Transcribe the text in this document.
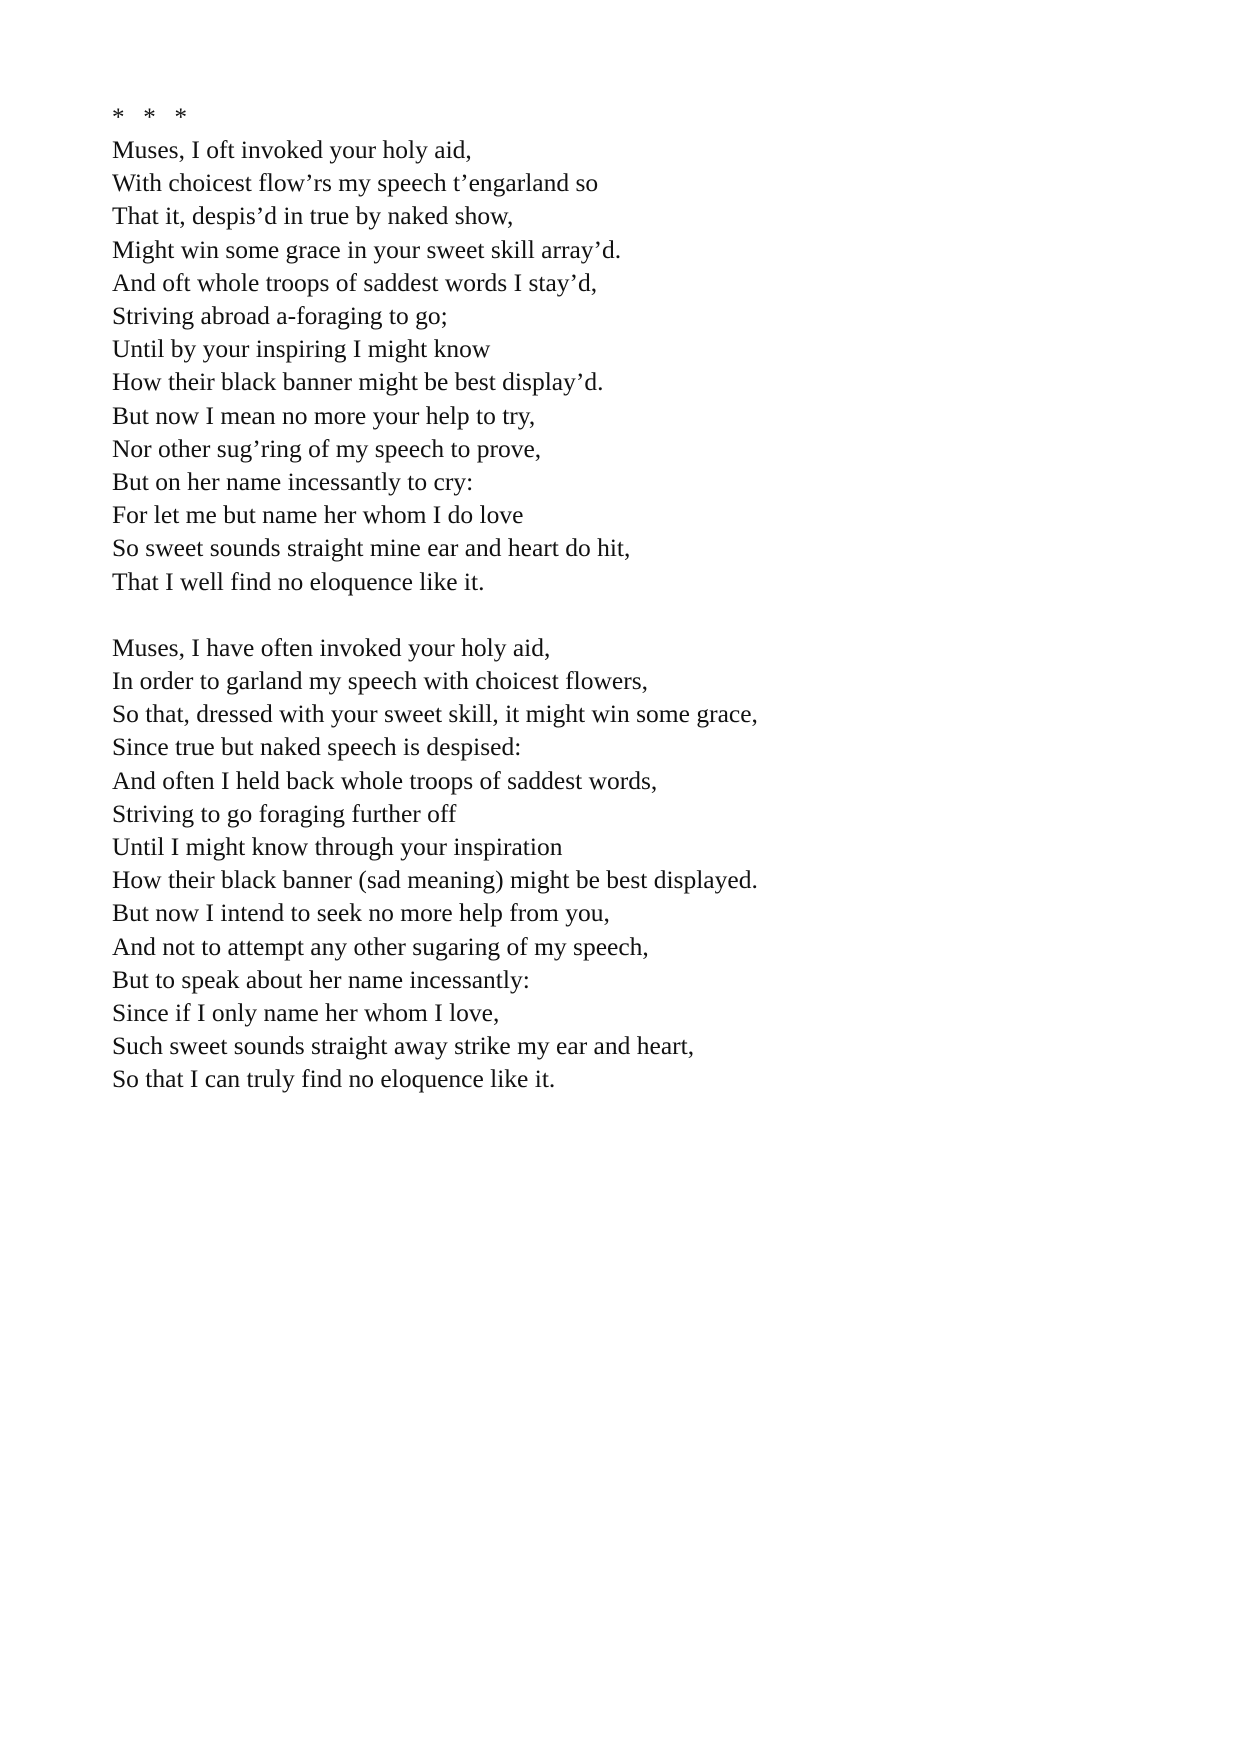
*   *   *
Muses, I oft invoked your holy aid,
With choicest flow’rs my speech t’engarland so
That it, despis’d in true by naked show,
Might win some grace in your sweet skill array’d.
And oft whole troops of saddest words I stay’d,
Striving abroad a-foraging to go;
Until by your inspiring I might know
How their black banner might be best display’d.
But now I mean no more your help to try,
Nor other sug’ring of my speech to prove,
But on her name incessantly to cry:
For let me but name her whom I do love
So sweet sounds straight mine ear and heart do hit,
That I well find no eloquence like it.
Muses, I have often invoked your holy aid,
In order to garland my speech with choicest flowers,
So that, dressed with your sweet skill, it might win some grace,
Since true but naked speech is despised:
And often I held back whole troops of saddest words,
Striving to go foraging further off
Until I might know through your inspiration
How their black banner (sad meaning) might be best displayed.
But now I intend to seek no more help from you,
And not to attempt any other sugaring of my speech,
But to speak about her name incessantly:
Since if I only name her whom I love,
Such sweet sounds straight away strike my ear and heart,
So that I can truly find no eloquence like it.
